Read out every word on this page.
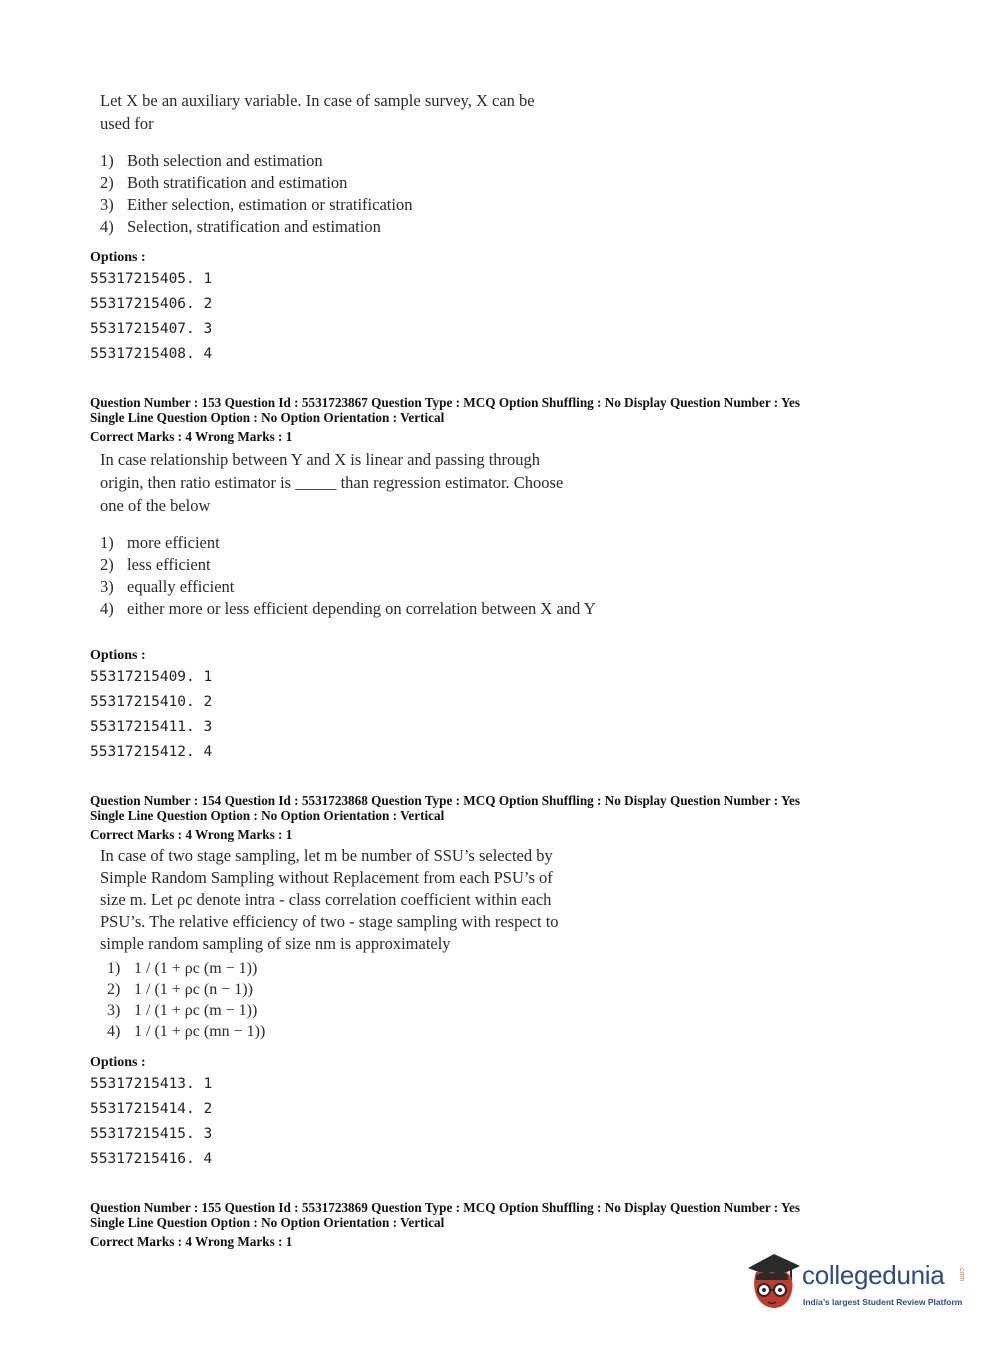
Let X be an auxiliary variable. In case of sample survey, X can be

used for

1) Both selection and estimation
2) Both stratification and estimation
3) Either selection, estimation or stratification
4) Selection, stratification and estimation
Options :
55317215405. 1
55317215406. 2
55317215407. 3
55317215408. 4
Question Number : 153 Question Id : 5531723867 Question Type : MCQ Option Shuffling : No Display Question Number : Yes
Single Line Question Option : No Option Orientation : Vertical
Correct Marks : 4 Wrong Marks : 1

In case relationship between Y and X is linear and passing through

origin, then ratio estimator is _____ than regression estimator. Choose

one of the below

1) more efficient
2) less efficient
3) equally efficient
4) either more or less efficient depending on correlation between X and Y
Options :
55317215409. 1
55317215410. 2
55317215411. 3
55317215412. 4
Question Number : 154 Question Id : 5531723868 Question Type : MCQ Option Shuffling : No Display Question Number : Yes
Single Line Question Option : No Option Orientation : Vertical
Correct Marks : 4 Wrong Marks : 1

In case of two stage sampling, let m be number of SSU’s selected by

Simple Random Sampling without Replacement from each PSU’s of

size m. Let ρc denote intra - class correlation coefficient within each

PSU’s. The relative efficiency of two - stage sampling with respect to

simple random sampling of size nm is approximately

1) 1 / (1 + ρc (m − 1))
2) 1 / (1 + ρc (n − 1))
3) 1 / (1 + ρc (m − 1))
4) 1 / (1 + ρc (mn − 1))
Options :
55317215413. 1
55317215414. 2
55317215415. 3
55317215416. 4
Question Number : 155 Question Id : 5531723869 Question Type : MCQ Option Shuffling : No Display Question Number : Yes
Single Line Question Option : No Option Orientation : Vertical
Correct Marks : 4 Wrong Marks : 1
collegedunia .com
India’s largest Student Review Platform
